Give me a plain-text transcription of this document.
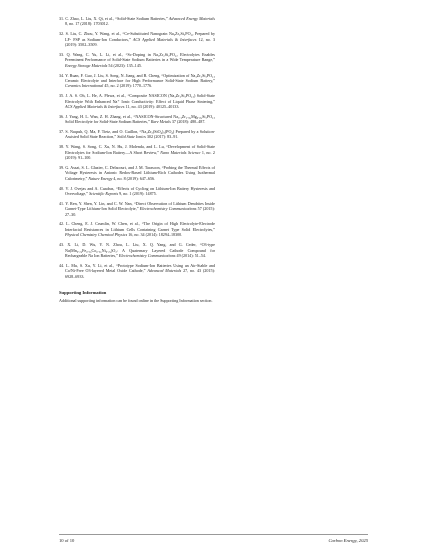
31. C. Zhao, L. Liu, X. Qi, et al., “Solid-State Sodium Batteries,” Advanced Energy Materials 8, no. 17 (2018): 1703012.

32. S. Liu, C. Zhou, Y. Wang, et al., “Ce-Substituted Nanograin Na₃Zr₂Si₂PO₁₂ Prepared by LF- FSP as Sodium-Ion Conductors,” ACS Applied Materials & Interfaces 12, no. 3 (2019): 3502–3509.

33. Q. Wang, C. Yu, L. Li, et al., “Sc-Doping in Na₃Zr₂Si₂PO₁₂ Electrolytes Enables Preeminent Performance of Solid-State Sodium Batteries in a Wide Temperature Range,” Energy Storage Materials 54 (2023): 135–145.

34. Y. Ruan, F. Guo, J. Liu, S. Song, N. Jiang, and B. Cheng, “Optimization of Na₃Zr₂Si₂PO₁₂ Ceramic Electrolyte and Interface for High Performance Solid-State Sodium Battery,” Ceramics International 45, no. 2 (2019): 1770–1776.

35. J. A. S. Oh, L. He, A. Plewa, et al., “Composite NASICON (Na₃Zr₂Si₂PO₁₂) Solid-State Electrolyte With Enhanced Na⁺ Ionic Conductivity: Effect of Liquid Phase Sintering,” ACS Applied Materials & Interfaces 11, no. 43 (2019): 40125–40133.

36. J. Yang, H. L. Wan, Z. H. Zhang, et al., “NASICON-Structured Na₃.₁Zr₁.₉₅Mg₀.₀₅Si₂PO₁₂ Solid Electrolyte for Solid-State Sodium Batteries,” Rare Metals 37 (2018): 480–487.

37. S. Naqash, Q. Ma, F. Tietz, and O. Guillon, “Na₃Zr₂(SiO₄)₂(PO₄) Prepared by a Solution-Assisted Solid State Reaction,” Solid State Ionics 302 (2017): 83–91.

38. Y. Wang, S. Song, C. Xu, N. Hu, J. Molenda, and L. Lu, “Development of Solid-State Electrolytes for Sodium-Ion Battery—A Short Review,” Nano Materials Science 1, no. 2 (2019): 91–100.

39. G. Assat, S. L. Glazier, C. Delacourt, and J. M. Tarascon, “Probing the Thermal Effects of Voltage Hysteresis in Anionic Redox-Based Lithium-Rich Cathodes Using Isothermal Calorimetry,” Nature Energy 4, no. 8 (2019): 647–656.

40. V. J. Ovejas and A. Cuadras, “Effects of Cycling on Lithium-Ion Battery Hysteresis and Overvoltage,” Scientific Reports 9, no. 1 (2019): 14875.

41. Y. Ren, Y. Shen, Y. Lin, and C. W. Nan, “Direct Observation of Lithium Dendrites Inside Garnet-Type Lithium-Ion Solid Electrolyte,” Electrochemistry Communications 57 (2015): 27–30.

42. L. Cheng, E. J. Crumlin, W. Chen, et al., “The Origin of High Electrolyte-Electrode Interfacial Resistances in Lithium Cells Containing Garnet Type Solid Electrolytes,” Physical Chemistry Chemical Physics 16, no. 34 (2014): 18294–18300.

43. X. Li, D. Wu, Y. N. Zhou, L. Liu, X. Q. Yang, and G. Ceder, “O3-type Na(Mn₀.₂₅Fe₀.₂₅Co₀.₂₅Ni₀.₂₅)O₂: A Quaternary Layered Cathode Compound for Rechargeable Na Ion Batteries,” Electrochemistry Communications 49 (2014): 51–54.

44. L. Mu, S. Xu, Y. Li, et al., “Prototype Sodium-Ion Batteries Using an Air-Stable and Co/Ni-Free O3-layered Metal Oxide Cathode,” Advanced Materials 27, no. 43 (2015): 6928–6933.

Supporting Information

Additional supporting information can be found online in the Supporting Information section.

10 of 10	Carbon Energy, 2025
